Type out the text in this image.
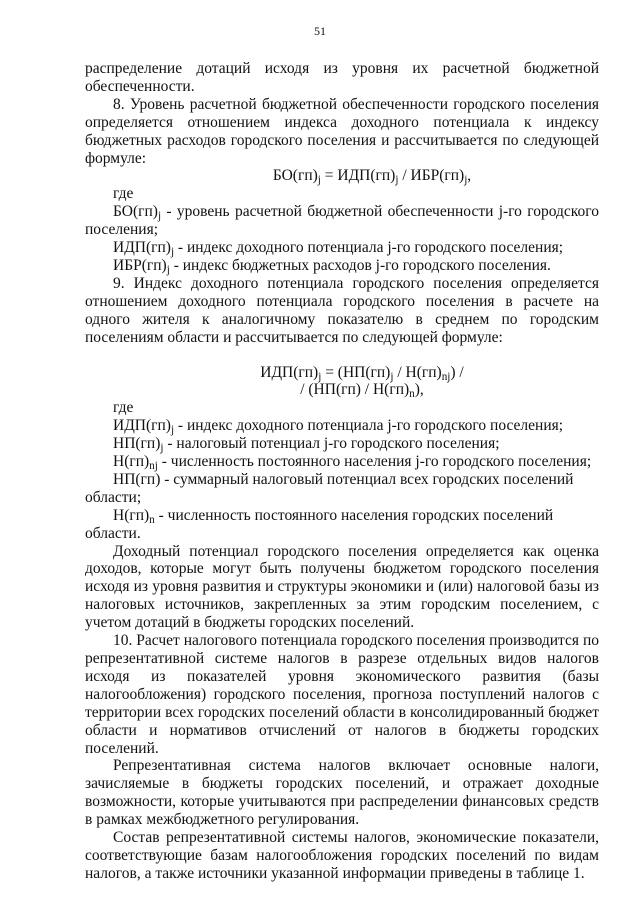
51

распределение дотаций исходя из уровня их расчетной бюджетной

обеспеченности.

8. Уровень расчетной бюджетной обеспеченности городского поселения определяется отношением индекса доходного потенциала к индексу бюджетных расходов городского поселения и рассчитывается по следующей формуле:

$БО(гп)_j = ИДП(гп)_j / ИБР(гп)_j$,

где

$БО(гп)_j$ - уровень расчетной бюджетной обеспеченности j-го городского поселения;

$ИДП(гп)_j$ - индекс доходного потенциала j-го городского поселения;

$ИБР(гп)_j$ - индекс бюджетных расходов j-го городского поселения.

9. Индекс доходного потенциала городского поселения определяется отношением доходного потенциала городского поселения в расчете на одного жителя к аналогичному показателю в среднем по городским поселениям области и рассчитывается по следующей формуле:

$ИДП(гп)_j = (НП(гп)_j / Н(гп)_{nj})$ /

/ $(НП(гп) / Н(гп)_n)$,

где

$ИДП(гп)_j$ - индекс доходного потенциала j-го городского поселения;

$НП(гп)_j$ - налоговый потенциал j-го городского поселения;

$Н(гп)_{nj}$ - численность постоянного населения j-го городского поселения;

НП(гп) - суммарный налоговый потенциал всех городских поселений области;

$Н(гп)_n$ - численность постоянного населения городских поселений области.

Доходный потенциал городского поселения определяется как оценка доходов, которые могут быть получены бюджетом городского поселения исходя из уровня развития и структуры экономики и (или) налоговой базы из налоговых источников, закрепленных за этим городским поселением, с учетом дотаций в бюджеты городских поселений.

10. Расчет налогового потенциала городского поселения производится по репрезентативной системе налогов в разрезе отдельных видов налогов исходя из показателей уровня экономического развития (базы налогообложения) городского поселения, прогноза поступлений налогов с территории всех городских поселений области в консолидированный бюджет области и нормативов отчислений от налогов в бюджеты городских поселений.

Репрезентативная система налогов включает основные налоги, зачисляемые в бюджеты городских поселений, и отражает доходные возможности, которые учитываются при распределении финансовых средств в рамках межбюджетного регулирования.

Состав репрезентативной системы налогов, экономические показатели, соответствующие базам налогообложения городских поселений по видам налогов, а также источники указанной информации приведены в таблице 1.
